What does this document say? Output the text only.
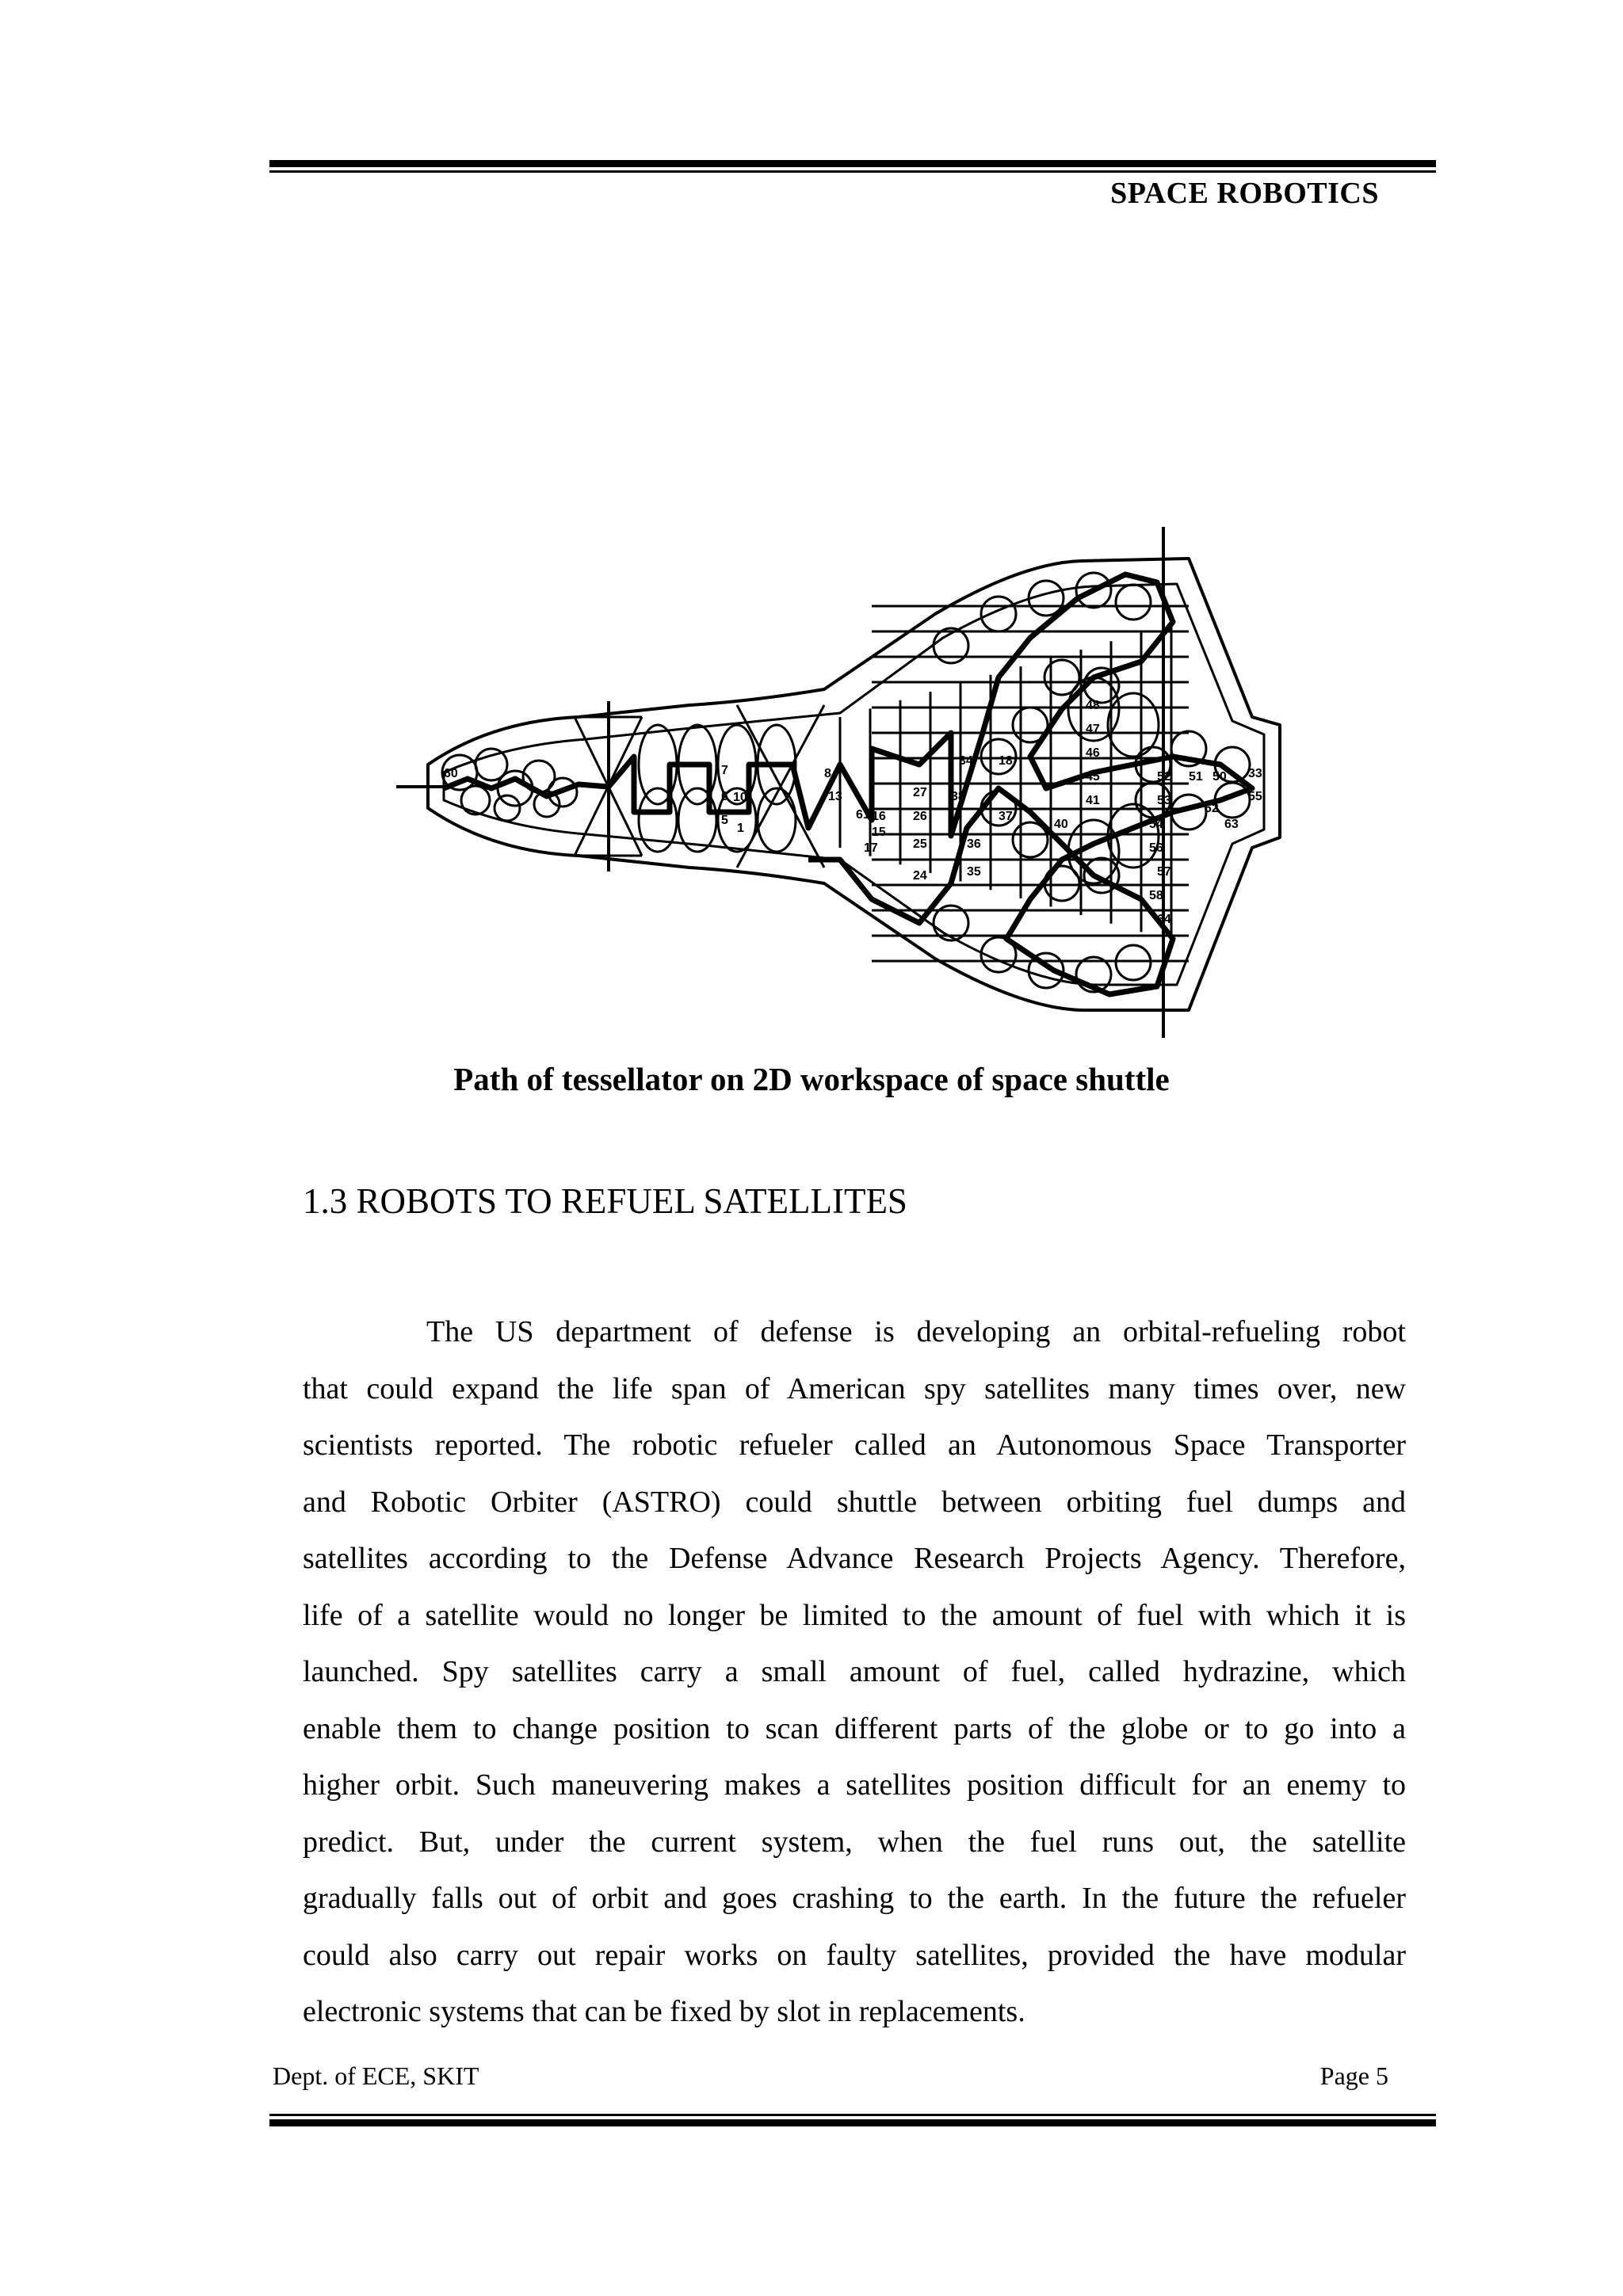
SPACE ROBOTICS
60
61
33
55
18
7
10
6
5
1
8
13
15
17
16
24
25
26
27
34
35
36
37
38
40
41
45
46
47
48
50
51
52
53
54
56
57
58
62
63
64
Path of tessellator on 2D workspace of space shuttle
1.3 ROBOTS TO REFUEL SATELLITES
The US department of defense is developing an orbital-refueling robot
that could expand the life span of American spy satellites many times over, new
scientists reported. The robotic refueler called an Autonomous Space Transporter
and Robotic Orbiter (ASTRO) could shuttle between orbiting fuel dumps and
satellites according to the Defense Advance Research Projects Agency. Therefore,
life of a satellite would no longer be limited to the amount of fuel with which it is
launched. Spy satellites carry a small amount of fuel, called hydrazine, which
enable them to change position to scan different parts of the globe or to go into a
higher orbit. Such maneuvering makes a satellites position difficult for an enemy to
predict. But, under the current system, when the fuel runs out, the satellite
gradually falls out of orbit and goes crashing to the earth. In the future the refueler
could also carry out repair works on faulty satellites, provided the have modular
electronic systems that can be fixed by slot in replacements.
Dept. of ECE, SKIT	Page 5
